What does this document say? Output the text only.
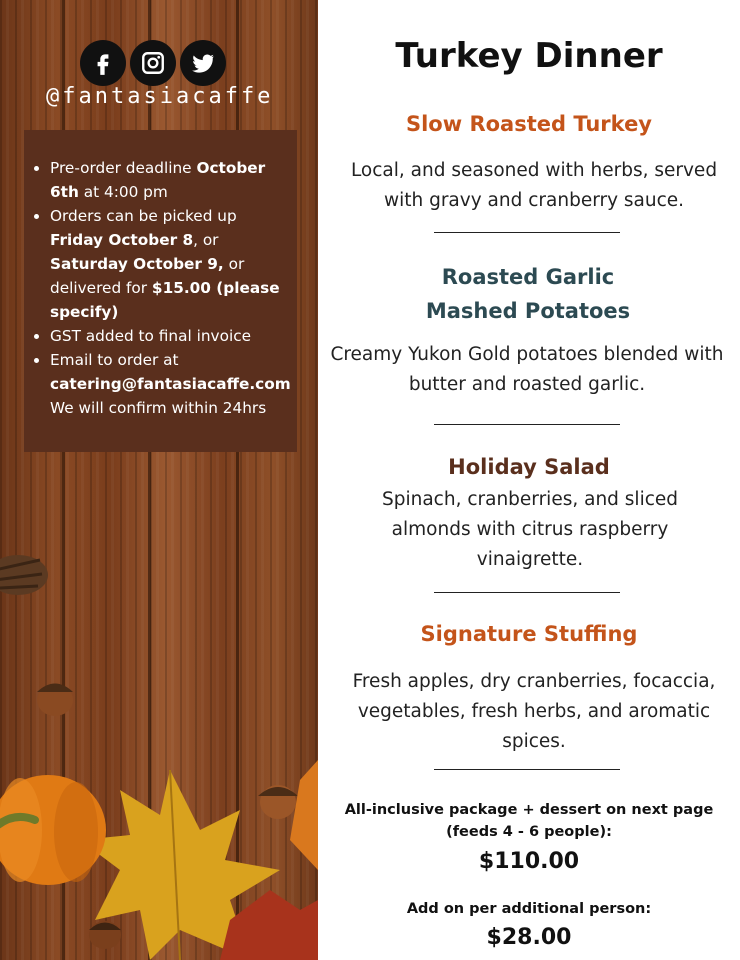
@fantasiacaffe
• Pre-order deadline October 6th at 4:00 pm
• Orders can be picked up Friday October 8, or Saturday October 9, or delivered for $15.00 (please specify)
• GST added to final invoice
• Email to order at catering@fantasiacaffe.com
We will confirm within 24hrs
Turkey Dinner
Slow Roasted Turkey
Local, and seasoned with herbs, served with gravy and cranberry sauce.
Roasted Garlic Mashed Potatoes
Creamy Yukon Gold potatoes blended with butter and roasted garlic.
Holiday Salad
Spinach, cranberries, and sliced almonds with citrus raspberry vinaigrette.
Signature Stuffing
Fresh apples, dry cranberries, focaccia, vegetables, fresh herbs, and aromatic spices.
All-inclusive package + dessert on next page
(feeds 4 - 6 people):
$110.00
Add on per additional person:
$28.00
